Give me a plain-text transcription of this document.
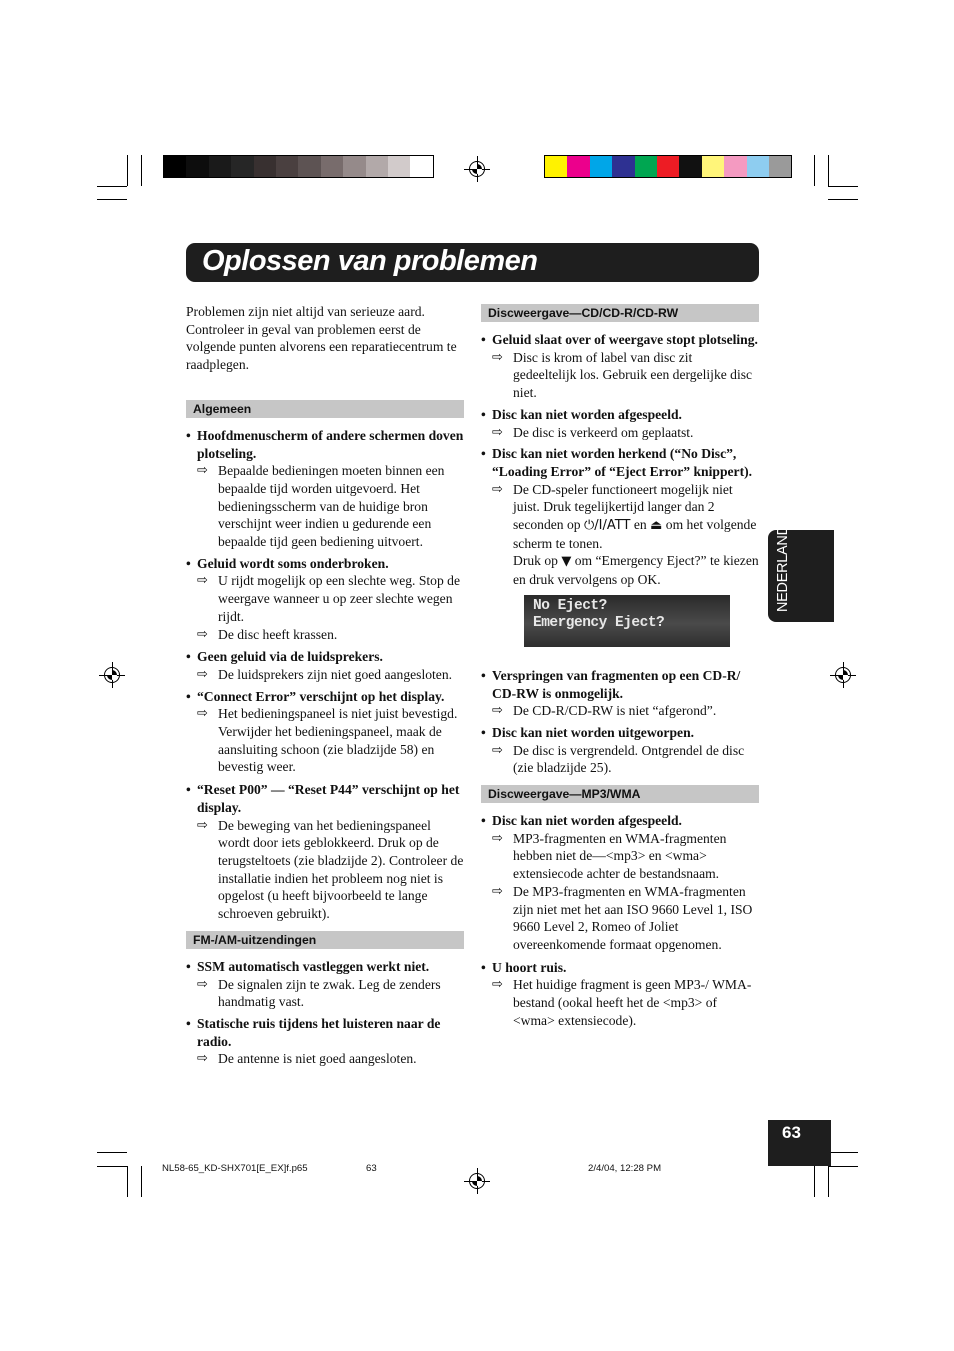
Oplossen van problemen
NEDERLANDS
63

Problemen zijn niet altijd van serieuze aard. Controleer in geval van problemen eerst de volgende punten alvorens een reparatiecentrum te raadplegen.

Algemeen
• Hoofdmenuscherm of andere schermen doven plotseling.
⇨ Bepaalde bedieningen moeten binnen een bepaalde tijd worden uitgevoerd. Het bedieningsscherm van de huidige bron verschijnt weer indien u gedurende een bepaalde tijd geen bediening uitvoert.
• Geluid wordt soms onderbroken.
⇨ U rijdt mogelijk op een slechte weg. Stop de weergave wanneer u op zeer slechte wegen rijdt.
⇨ De disc heeft krassen.
• Geen geluid via de luidsprekers.
⇨ De luidsprekers zijn niet goed aangesloten.
• “Connect Error” verschijnt op het display.
⇨ Het bedieningspaneel is niet juist bevestigd. Verwijder het bedieningspaneel, maak de aansluiting schoon (zie bladzijde 58) en bevestig weer.
• “Reset P00” — “Reset P44” verschijnt op het display.
⇨ De beweging van het bedieningspaneel wordt door iets geblokkeerd. Druk op de terugsteltoets (zie bladzijde 2). Controleer de installatie indien het probleem nog niet is opgelost (u heeft bijvoorbeeld te lange schroeven gebruikt).
FM-/AM-uitzendingen
• SSM automatisch vastleggen werkt niet.
⇨ De signalen zijn te zwak. Leg de zenders handmatig vast.
• Statische ruis tijdens het luisteren naar de radio.
⇨ De antenne is niet goed aangesloten.
Discweergave—CD/CD-R/CD-RW
• Geluid slaat over of weergave stopt plotseling.
⇨ Disc is krom of label van disc zit gedeeltelijk los. Gebruik een dergelijke disc niet.
• Disc kan niet worden afgespeeld.
⇨ De disc is verkeerd om geplaatst.
• Disc kan niet worden herkend (“No Disc”, “Loading Error” of “Eject Error” knippert).
⇨ De CD-speler functioneert mogelijk niet juist. Druk tegelijkertijd langer dan 2 seconden op ⏻/I/ATT en ⏏ om het volgende scherm te tonen.
Druk op ▼ om “Emergency Eject?” te kiezen en druk vervolgens op OK.
No Eject?
Emergency Eject?
• Verspringen van fragmenten op een CD-R/ CD-RW is onmogelijk.
⇨ De CD-R/CD-RW is niet “afgerond”.
• Disc kan niet worden uitgeworpen.
⇨ De disc is vergrendeld. Ontgrendel de disc (zie bladzijde 25).
Discweergave—MP3/WMA
• Disc kan niet worden afgespeeld.
⇨ MP3-fragmenten en WMA-fragmenten hebben niet de—<mp3> en <wma> extensiecode achter de bestandsnaam.
⇨ De MP3-fragmenten en WMA-fragmenten zijn niet met het aan ISO 9660 Level 1, ISO 9660 Level 2, Romeo of Joliet overeenkomende formaat opgenomen.
• U hoort ruis.
⇨ Het huidige fragment is geen MP3-/ WMA-bestand (ookal heeft het de <mp3> of <wma> extensiecode).
NL58-65_KD-SHX701[E_EX]f.p65	63	2/4/04, 12:28 PM
